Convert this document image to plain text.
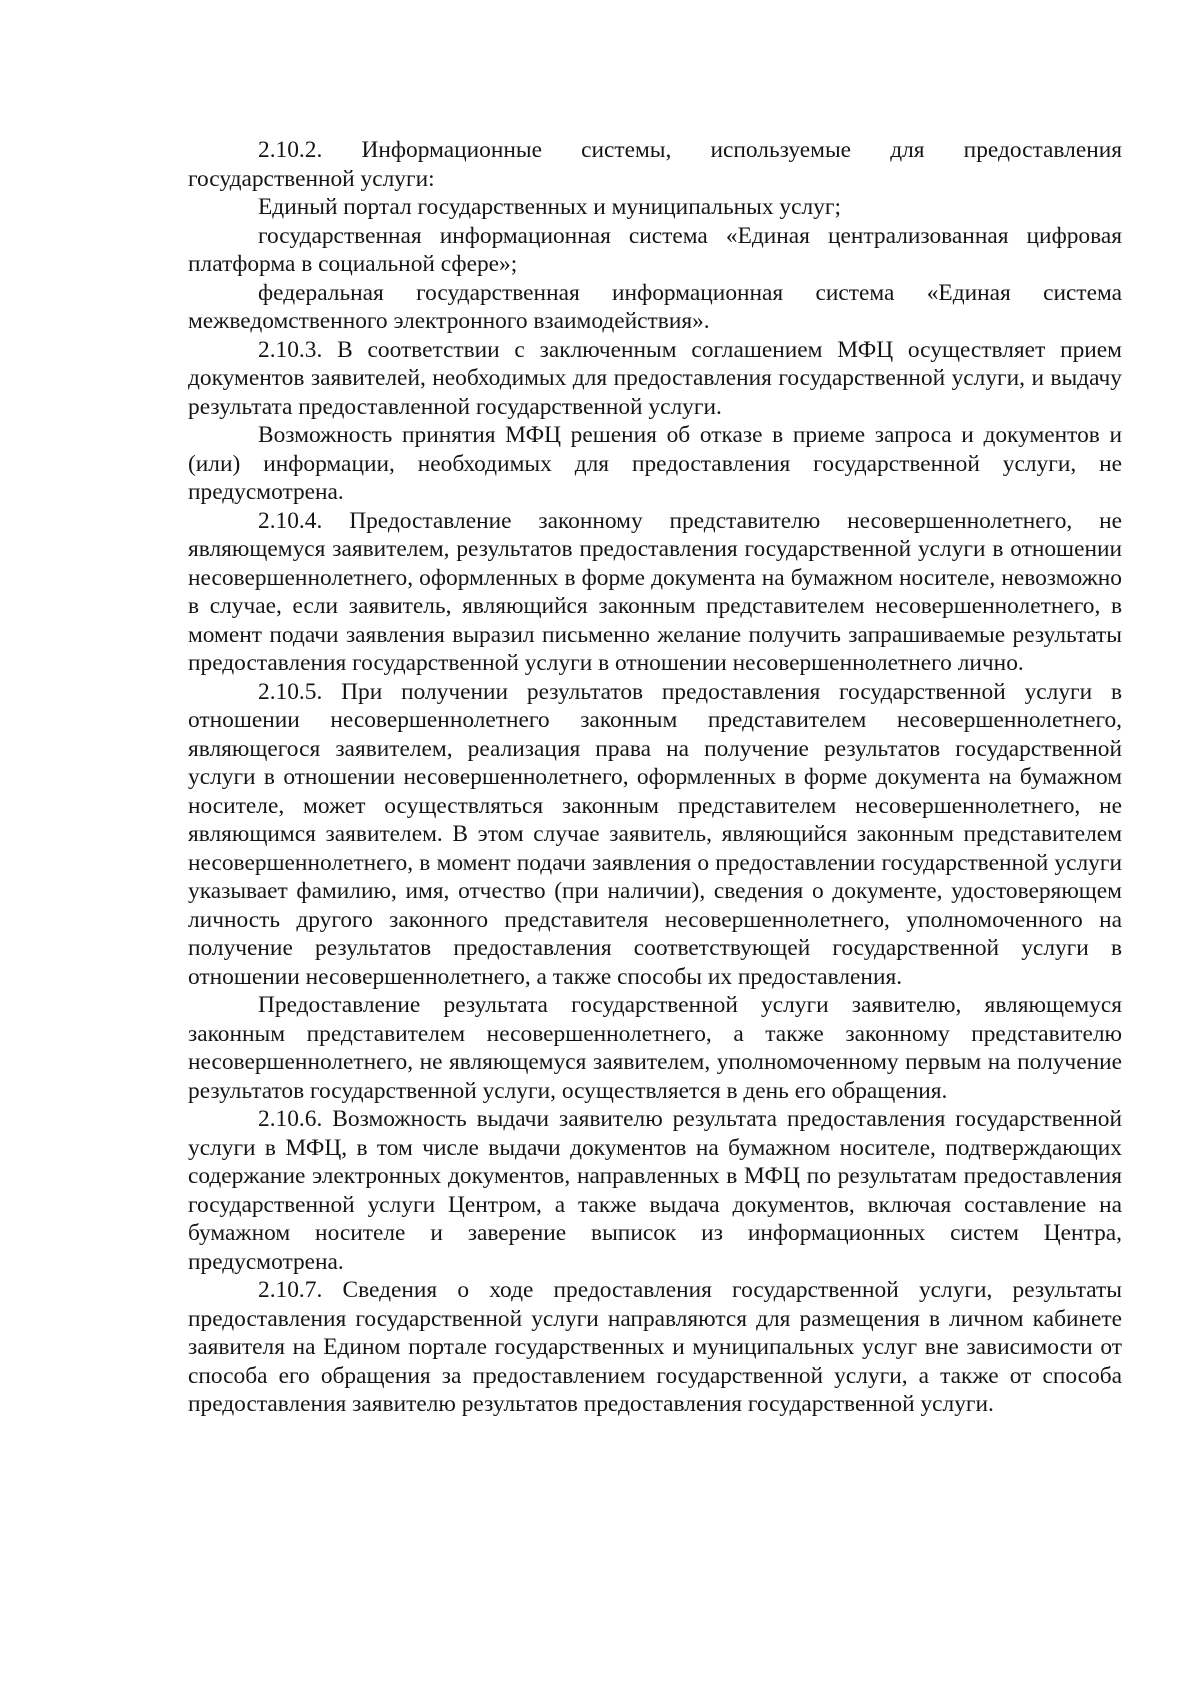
2.10.2. Информационные системы, используемые для предоставления государственной услуги:

Единый портал государственных и муниципальных услуг;

государственная информационная система «Единая централизованная цифровая платформа в социальной сфере»;

федеральная государственная информационная система «Единая система межведомственного электронного взаимодействия».

2.10.3. В соответствии с заключенным соглашением МФЦ осуществляет прием документов заявителей, необходимых для предоставления государственной услуги, и выдачу результата предоставленной государственной услуги.

Возможность принятия МФЦ решения об отказе в приеме запроса и документов и (или) информации, необходимых для предоставления государственной услуги, не предусмотрена.

2.10.4. Предоставление законному представителю несовершеннолетнего, не являющемуся заявителем, результатов предоставления государственной услуги в отношении несовершеннолетнего, оформленных в форме документа на бумажном носителе, невозможно в случае, если заявитель, являющийся законным представителем несовершеннолетнего, в момент подачи заявления выразил письменно желание получить запрашиваемые результаты предоставления государственной услуги в отношении несовершеннолетнего лично.

2.10.5. При получении результатов предоставления государственной услуги в отношении несовершеннолетнего законным представителем несовершеннолетнего, являющегося заявителем, реализация права на получение результатов государственной услуги в отношении несовершеннолетнего, оформленных в форме документа на бумажном носителе, может осуществляться законным представителем несовершеннолетнего, не являющимся заявителем. В этом случае заявитель, являющийся законным представителем несовершеннолетнего, в момент подачи заявления о предоставлении государственной услуги указывает фамилию, имя, отчество (при наличии), сведения о документе, удостоверяющем личность другого законного представителя несовершеннолетнего, уполномоченного на получение результатов предоставления соответствующей государственной услуги в отношении несовершеннолетнего, а также способы их предоставления.

Предоставление результата государственной услуги заявителю, являющемуся законным представителем несовершеннолетнего, а также законному представителю несовершеннолетнего, не являющемуся заявителем, уполномоченному первым на получение результатов государственной услуги, осуществляется в день его обращения.

2.10.6. Возможность выдачи заявителю результата предоставления государственной услуги в МФЦ, в том числе выдачи документов на бумажном носителе, подтверждающих содержание электронных документов, направленных в МФЦ по результатам предоставления государственной услуги Центром, а также выдача документов, включая составление на бумажном носителе и заверение выписок из информационных систем Центра, предусмотрена.

2.10.7. Сведения о ходе предоставления государственной услуги, результаты предоставления государственной услуги направляются для размещения в личном кабинете заявителя на Едином портале государственных и муниципальных услуг вне зависимости от способа его обращения за предоставлением государственной услуги, а также от способа предоставления заявителю результатов предоставления государственной услуги.
